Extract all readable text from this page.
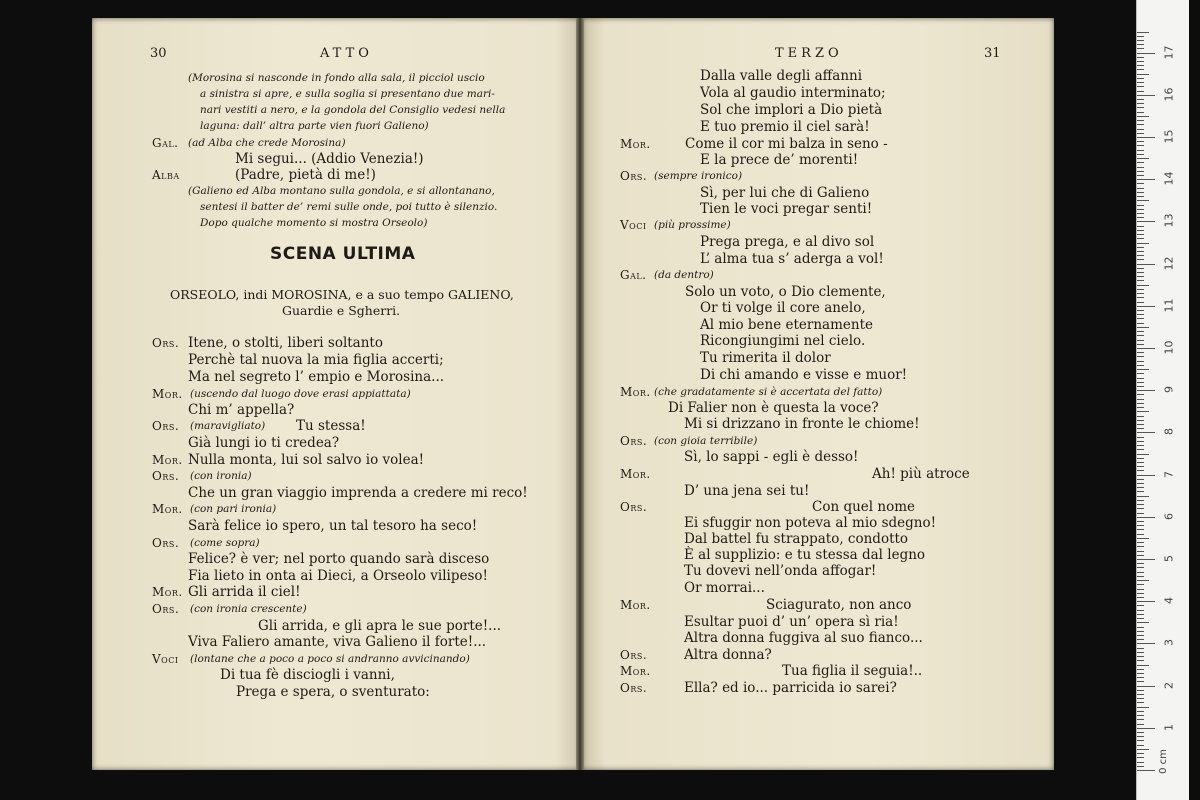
30	ATTO
(Morosina si nasconde in fondo alla sala, il picciol uscio
a sinistra si apre, e sulla soglia si presentano due mari-
nari vestiti a nero, e la gondola del Consiglio vedesi nella
laguna: dall’ altra parte vien fuori Galieno)
Gal. (ad Alba che crede Morosina)
Mi segui... (Addio Venezia!)
Alba	(Padre, pietà di me!)
(Galieno ed Alba montano sulla gondola, e si allontanano,
sentesi il batter de’ remi sulle onde, poi tutto è silenzio.
Dopo qualche momento si mostra Orseolo)
SCENA ULTIMA
ORSEOLO, indi MOROSINA, e a suo tempo GALIENO,
Guardie e Sgherri.
Ors. Itene, o stolti, liberi soltanto
Perchè tal nuova la mia figlia accerti;
Ma nel segreto l’ empio e Morosina...
Mor. (uscendo dal luogo dove erasi appiattata)
Chi m’ appella?
Ors. (maravigliato) Tu stessa!
Già lungi io ti credea?
Mor. Nulla monta, lui sol salvo io volea!
Ors. (con ironia)
Che un gran viaggio imprenda a credere mi reco!
Mor. (con pari ironia)
Sarà felice io spero, un tal tesoro ha seco!
Ors. (come sopra)
Felice? è ver; nel porto quando sarà disceso
Fia lieto in onta ai Dieci, a Orseolo vilipeso!
Mor. Gli arrida il ciel!
Ors. (con ironia crescente)
Gli arrida, e gli apra le sue porte!...
Viva Faliero amante, viva Galieno il forte!...
Voci (lontane che a poco a poco si andranno avvicinando)
Di tua fè disciogli i vanni,
Prega e spera, o sventurato:
TERZO	31
Dalla valle degli affanni
Vola al gaudio interminato;
Sol che implori a Dio pietà
E tuo premio il ciel sarà!
Mor.	Come il cor mi balza in seno -
E la prece de’ morenti!
Ors. (sempre ironico)
Sì, per lui che di Galieno
Tien le voci pregar senti!
Voci (più prossime)
Prega prega, e al divo sol
L’ alma tua s’ aderga a vol!
Gal. (da dentro)
Solo un voto, o Dio clemente,
Or ti volge il core anelo,
Al mio bene eternamente
Ricongiungimi nel cielo.
Tu rimerita il dolor
Di chi amando e visse e muor!
Mor. (che gradatamente si è accertata del fatto)
Di Falier non è questa la voce?
Mi si drizzano in fronte le chiome!
Ors. (con gioia terribile)
Sì, lo sappi - egli è desso!
Mor.	Ah! più atroce
D’ una jena sei tu!
Ors.	Con quel nome
Ei sfuggir non poteva al mio sdegno!
Dal battel fu strappato, condotto
È al supplizio: e tu stessa dal legno
Tu dovevi nell’onda affogar!
Or morrai...
Mor.	Sciagurato, non anco
Esultar puoi d’ un’ opera sì ria!
Altra donna fuggiva al suo fianco...
Ors.	Altra donna?
Mor.	Tua figlia il seguia!..
Ors.	Ella? ed io... parricida io sarei?
0 cm
1
2
3
4
5
6
7
8
9
10
11
12
13
14
15
16
17
